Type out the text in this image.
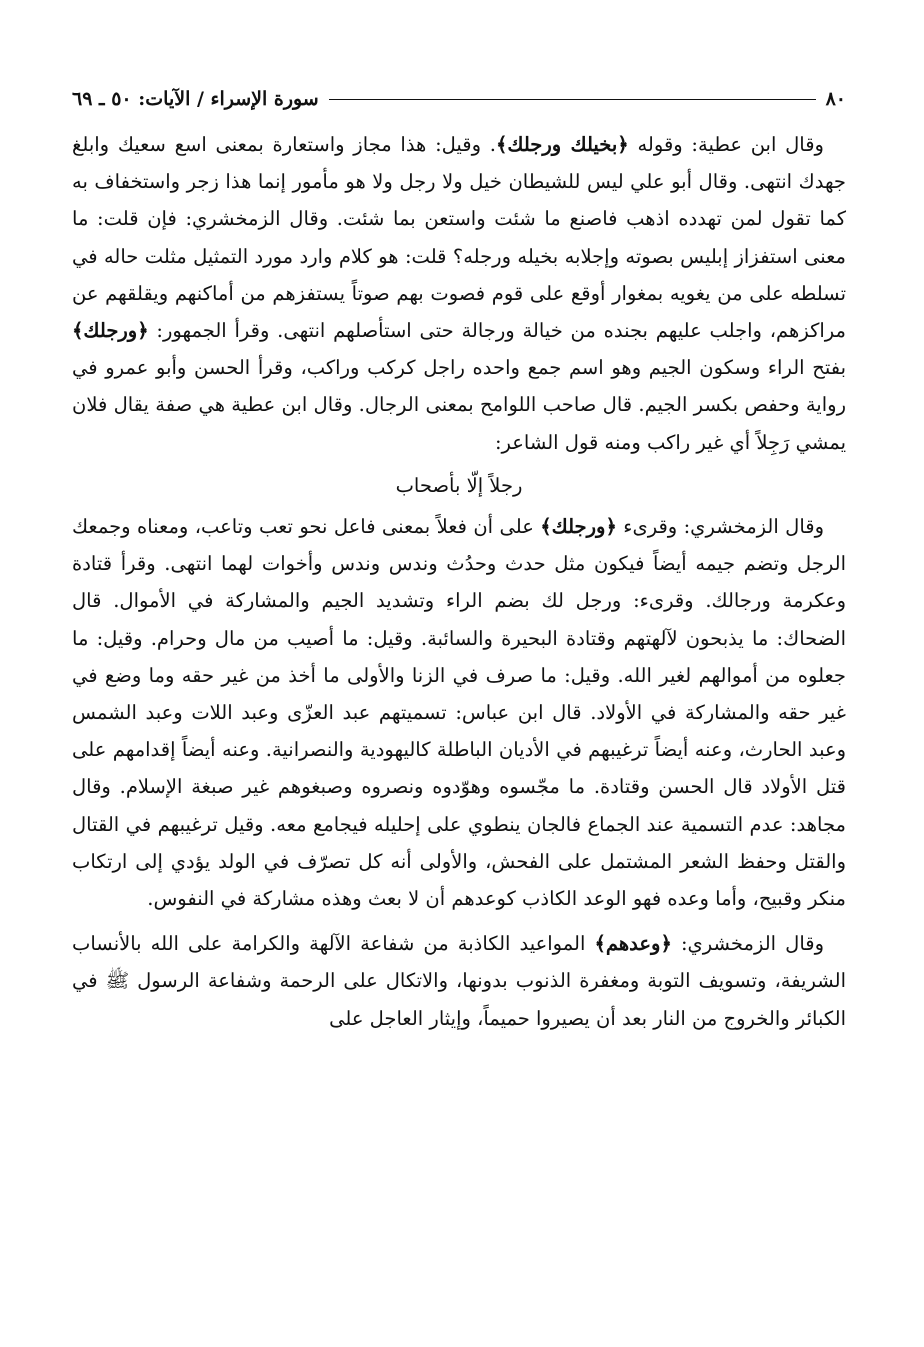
٨٠
سورة الإسراء / الآيات: ٥٠ ـ ٦٩

وقال ابن عطية: وقوله ﴿بخيلك ورجلك﴾. وقيل: هذا مجاز واستعارة بمعنى اسع سعيك وابلغ جهدك انتهى. وقال أبو علي ليس للشيطان خيل ولا رجل ولا هو مأمور إنما هذا زجر واستخفاف به كما تقول لمن تهدده اذهب فاصنع ما شئت واستعن بما شئت. وقال الزمخشري: فإن قلت: ما معنى استفزاز إبليس بصوته وإجلابه بخيله ورجله؟ قلت: هو كلام وارد مورد التمثيل مثلت حاله في تسلطه على من يغويه بمغوار أوقع على قوم فصوت بهم صوتاً يستفزهم من أماكنهم ويقلقهم عن مراكزهم، واجلب عليهم بجنده من خيالة ورجالة حتى استأصلهم انتهى. وقرأ الجمهور: ﴿ورجلك﴾ بفتح الراء وسكون الجيم وهو اسم جمع واحده راجل كركب وراكب، وقرأ الحسن وأبو عمرو في رواية وحفص بكسر الجيم. قال صاحب اللوامح بمعنى الرجال. وقال ابن عطية هي صفة يقال فلان يمشي رَجِلاً أي غير راكب ومنه قول الشاعر:

رجلاً إلّا بأصحاب

وقال الزمخشري: وقرىء ﴿ورجلك﴾ على أن فعلاً بمعنى فاعل نحو تعب وتاعب، ومعناه وجمعك الرجل وتضم جيمه أيضاً فيكون مثل حدث وحدُث وندس وندس وأخوات لهما انتهى. وقرأ قتادة وعكرمة ورجالك. وقرىء: ورجل لك بضم الراء وتشديد الجيم والمشاركة في الأموال. قال الضحاك: ما يذبحون لآلهتهم وقتادة البحيرة والسائبة. وقيل: ما أصيب من مال وحرام. وقيل: ما جعلوه من أموالهم لغير الله. وقيل: ما صرف في الزنا والأولى ما أخذ من غير حقه وما وضع في غير حقه والمشاركة في الأولاد. قال ابن عباس: تسميتهم عبد العزّى وعبد اللات وعبد الشمس وعبد الحارث، وعنه أيضاً ترغيبهم في الأديان الباطلة كاليهودية والنصرانية. وعنه أيضاً إقدامهم على قتل الأولاد قال الحسن وقتادة. ما مجّسوه وهوّدوه ونصروه وصبغوهم غير صبغة الإسلام. وقال مجاهد: عدم التسمية عند الجماع فالجان ينطوي على إحليله فيجامع معه. وقيل ترغيبهم في القتال والقتل وحفظ الشعر المشتمل على الفحش، والأولى أنه كل تصرّف في الولد يؤدي إلى ارتكاب منكر وقبيح، وأما وعده فهو الوعد الكاذب كوعدهم أن لا بعث وهذه مشاركة في النفوس.

وقال الزمخشري: ﴿وعدهم﴾ المواعيد الكاذبة من شفاعة الآلهة والكرامة على الله بالأنساب الشريفة، وتسويف التوبة ومغفرة الذنوب بدونها، والاتكال على الرحمة وشفاعة الرسول ﷺ في الكبائر والخروج من النار بعد أن يصيروا حميماً، وإيثار العاجل على
